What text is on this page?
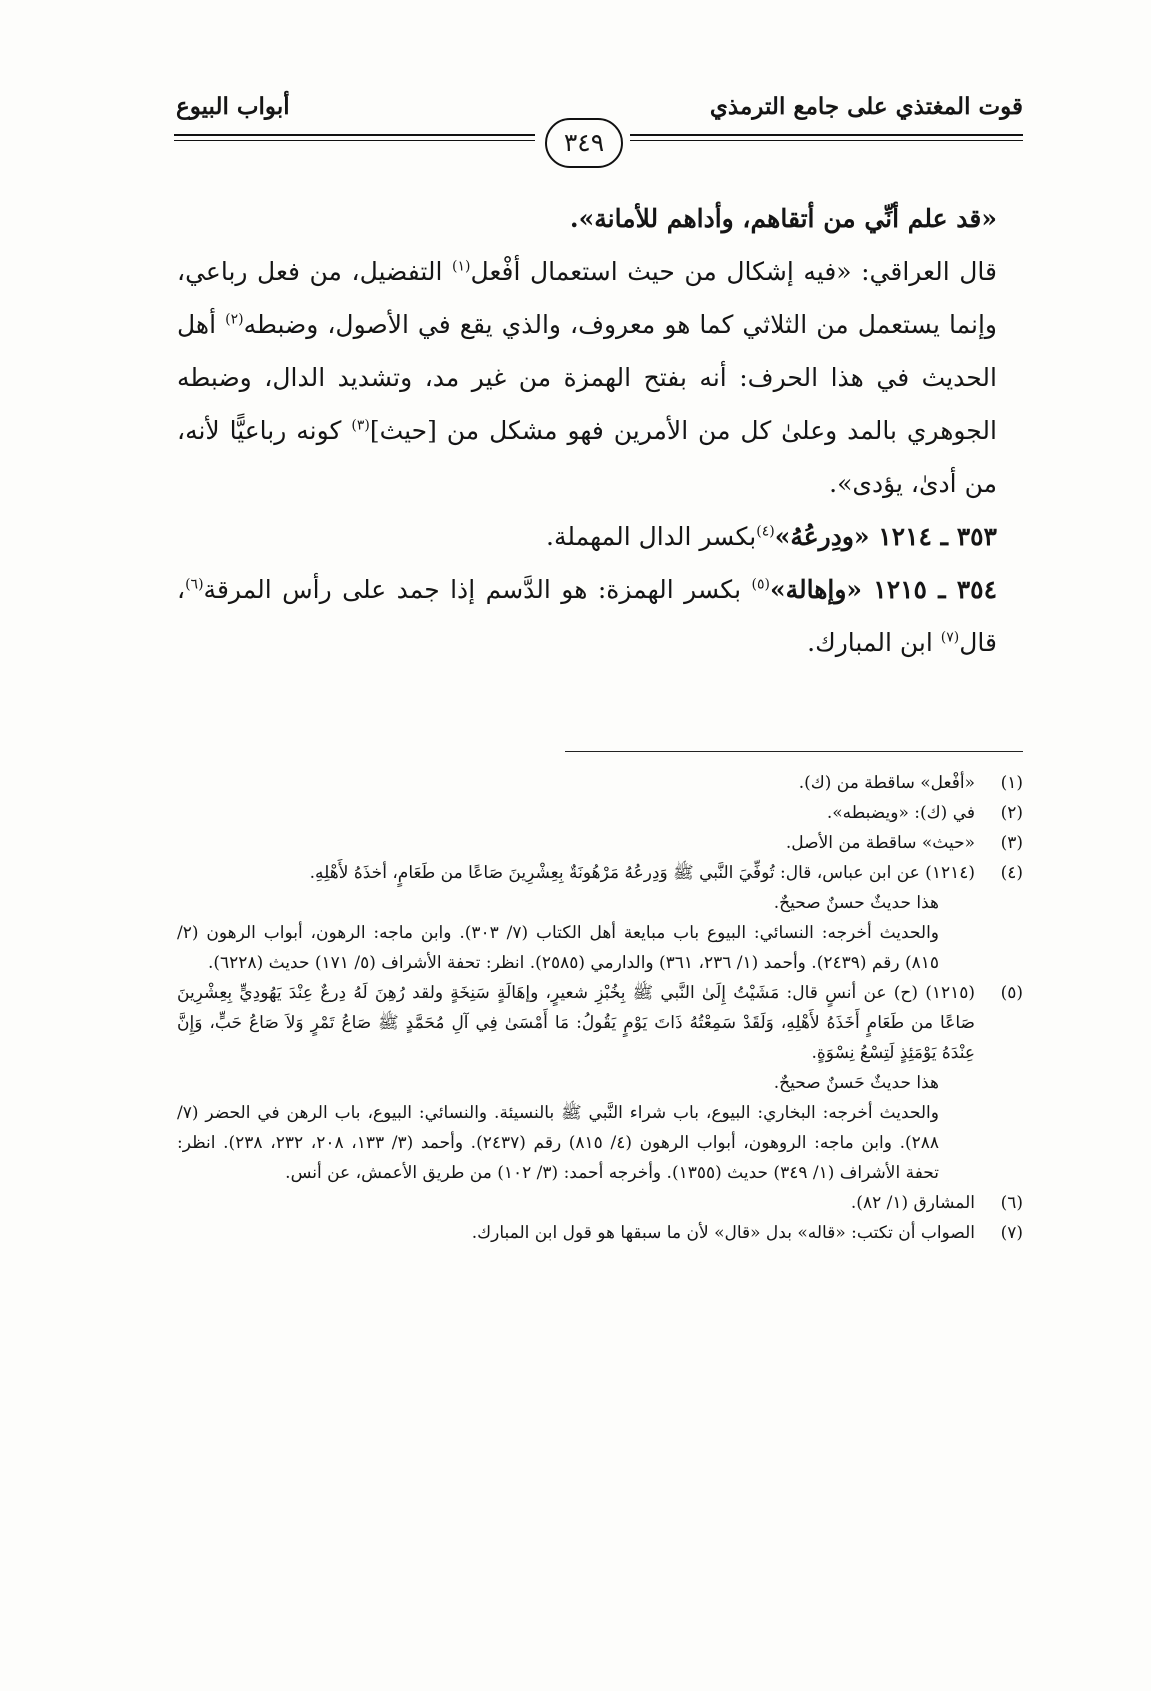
قوت المغتذي على جامع الترمذي
أبواب البيوع
٣٤٩

«قد علم أنِّي من أتقاهم، وأداهم للأمانة».

قال العراقي: «فيه إشكال من حيث استعمال أفْعل$^{(١)}$ التفضيل، من فعل رباعي، وإنما يستعمل من الثلاثي كما هو معروف، والذي يقع في الأصول، وضبطه$^{(٢)}$ أهل الحديث في هذا الحرف: أنه بفتح الهمزة من غير مد، وتشديد الدال، وضبطه الجوهري بالمد وعلىٰ كل من الأمرين فهو مشكل من [حيث]$^{(٣)}$ كونه رباعيًّا لأنه، من أدىٰ، يؤدى».

٣٥٣ ـ ١٢١٤ «ودِرعُهُ»$^{(٤)}$بكسر الدال المهملة.

٣٥٤ ـ ١٢١٥ «وإهالة»$^{(٥)}$ بكسر الهمزة: هو الدَّسم إذا جمد على رأس المرقة$^{(٦)}$، قال$^{(٧)}$ ابن المبارك.

(١)
«أفْعل» ساقطة من (ك).
(٢)
في (ك): «ويضبطه».
(٣)
«حيث» ساقطة من الأصل.
(٤)
(١٢١٤) عن ابن عباس، قال: تُوفِّيَ النَّبي ﷺ وَدِرعُهُ مَرْهُونَةٌ بِعِشْرِينَ صَاعًا من طَعَامٍ، أخذَهُ لأَهْلِهِ.
هذا حديثٌ حسنٌ صحيحٌ.
والحديث أخرجه: النسائي: البيوع باب مبايعة أهل الكتاب (٧/ ٣٠٣). وابن ماجه: الرهون، أبواب الرهون (٢/ ٨١٥) رقم (٢٤٣٩). وأحمد (١/ ٢٣٦، ٣٦١) والدارمي (٢٥٨٥). انظر: تحفة الأشراف (٥/ ١٧١) حديث (٦٢٢٨).
(٥)
(١٢١٥) (ح) عن أنسٍ قال: مَشَيْتُ إِلَىٰ النَّبي ﷺ بِخُبْزِ شعيرٍ، وإهَالَةٍ سَنِخَةٍ ولقد رُهِنَ لَهُ دِرعٌ عِنْدَ يَهُودِيٍّ بِعِشْرِينَ صَاعًا من طَعَامٍ أَخَذَهُ لأَهْلِهِ، وَلَقَدْ سَمِعْتُهُ ذَاتَ يَوْمٍ يَقُولُ: مَا أَمْسَىٰ فِي آلِ مُحَمَّدٍ ﷺ صَاعُ تَمْرٍ وَلاَ صَاعُ حَبٍّ، وَإِنَّ عِنْدَهُ يَوْمَئِذٍ لَتِسْعُ نِسْوَةٍ.
هذا حديثٌ حَسنٌ صحيحٌ.
والحديث أخرجه: البخاري: البيوع، باب شراء النَّبي ﷺ بالنسيئة. والنسائي: البيوع، باب الرهن في الحضر (٧/ ٢٨٨). وابن ماجه: الروهون، أبواب الرهون (٤/ ٨١٥) رقم (٢٤٣٧). وأحمد (٣/ ١٣٣، ٢٠٨، ٢٣٢، ٢٣٨). انظر: تحفة الأشراف (١/ ٣٤٩) حديث (١٣٥٥). وأخرجه أحمد: (٣/ ١٠٢) من طريق الأعمش، عن أنس.
(٦)
المشارق (١/ ٨٢).
(٧)
الصواب أن تكتب: «قاله» بدل «قال» لأن ما سبقها هو قول ابن المبارك.
